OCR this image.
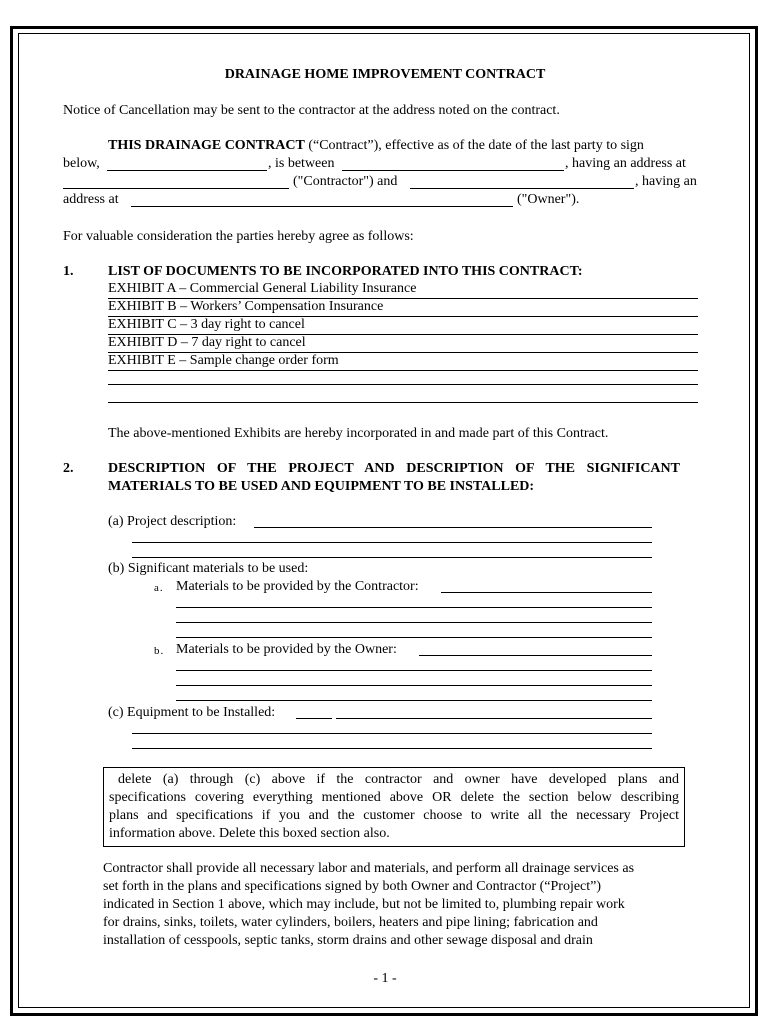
DRAINAGE HOME IMPROVEMENT CONTRACT
Notice of Cancellation may be sent to the contractor at the address noted on the contract.
THIS DRAINAGE CONTRACT (“Contract”), effective as of the date of the last party to sign
below,	, is between	, having an address at
("Contractor") and	, having an
address at	("Owner").
For valuable consideration the parties hereby agree as follows:
1. LIST OF DOCUMENTS TO BE INCORPORATED INTO THIS CONTRACT:
EXHIBIT A – Commercial General Liability Insurance
EXHIBIT B – Workers’ Compensation Insurance
EXHIBIT C – 3 day right to cancel
EXHIBIT D – 7 day right to cancel
EXHIBIT E – Sample change order form
The above-mentioned Exhibits are hereby incorporated in and made part of this Contract.
2. DESCRIPTION OF THE PROJECT AND DESCRIPTION OF THE SIGNIFICANT
MATERIALS TO BE USED AND EQUIPMENT TO BE INSTALLED:
(a) Project description:
(b) Significant materials to be used:
a. Materials to be provided by the Contractor:
b. Materials to be provided by the Owner:
(c) Equipment to be Installed:
delete (a) through (c) above if the contractor and owner have developed plans and
specifications covering everything mentioned above OR delete the section below describing
plans and specifications if you and the customer choose to write all the necessary Project
information above. Delete this boxed section also.
Contractor shall provide all necessary labor and materials, and perform all drainage services as
set forth in the plans and specifications signed by both Owner and Contractor (“Project”)
indicated in Section 1 above, which may include, but not be limited to, plumbing repair work
for drains, sinks, toilets, water cylinders, boilers, heaters and pipe lining; fabrication and
installation of cesspools, septic tanks, storm drains and other sewage disposal and drain
- 1 -
